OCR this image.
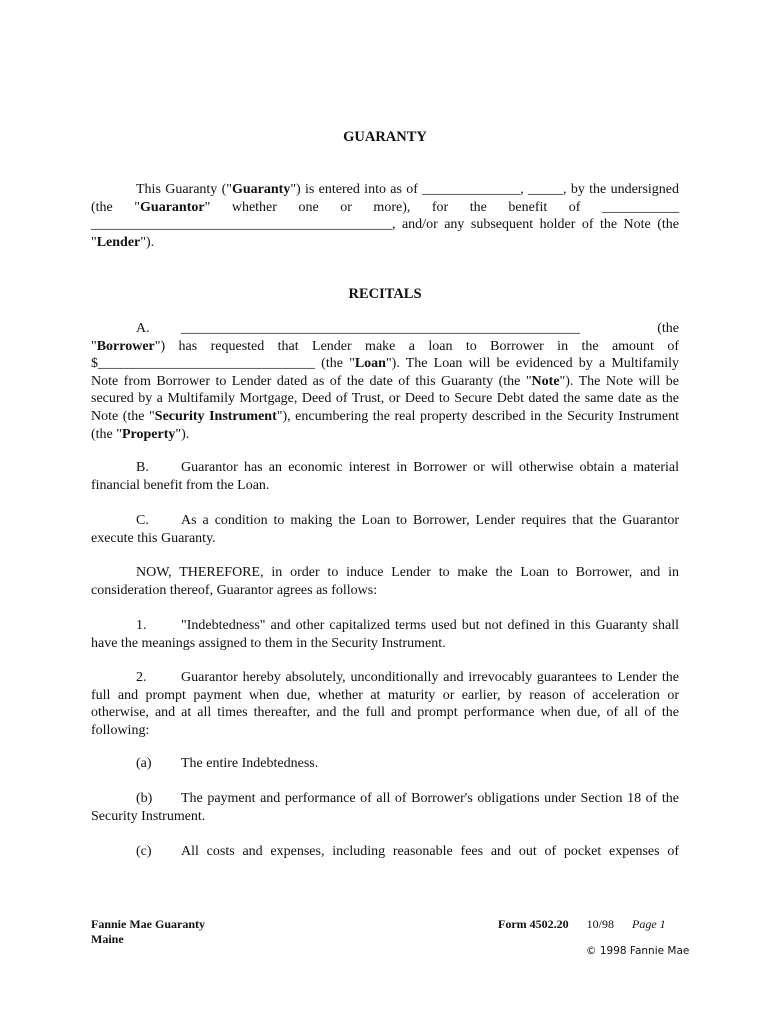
GUARANTY

This Guaranty ("Guaranty") is entered into as of ______________, _____, by the undersigned (the "Guarantor" whether one or more), for the benefit of ___________ ___________________________________________, and/or any subsequent holder of the Note (the "Lender").

RECITALS

A. _________________________________________________________ (the "Borrower") has requested that Lender make a loan to Borrower in the amount of $_______________________________ (the "Loan"). The Loan will be evidenced by a Multifamily Note from Borrower to Lender dated as of the date of this Guaranty (the "Note"). The Note will be secured by a Multifamily Mortgage, Deed of Trust, or Deed to Secure Debt dated the same date as the Note (the "Security Instrument"), encumbering the real property described in the Security Instrument (the "Property").

B. Guarantor has an economic interest in Borrower or will otherwise obtain a material financial benefit from the Loan.

C. As a condition to making the Loan to Borrower, Lender requires that the Guarantor execute this Guaranty.

NOW, THEREFORE, in order to induce Lender to make the Loan to Borrower, and in consideration thereof, Guarantor agrees as follows:

1. "Indebtedness" and other capitalized terms used but not defined in this Guaranty shall have the meanings assigned to them in the Security Instrument.

2. Guarantor hereby absolutely, unconditionally and irrevocably guarantees to Lender the full and prompt payment when due, whether at maturity or earlier, by reason of acceleration or otherwise, and at all times thereafter, and the full and prompt performance when due, of all of the following:

(a) The entire Indebtedness.

(b) The payment and performance of all of Borrower's obligations under Section 18 of the Security Instrument.

(c) All costs and expenses, including reasonable fees and out of pocket expenses of

Fannie Mae Guaranty
Maine
Form 4502.20 10/98 Page 1
© 1998 Fannie Mae
